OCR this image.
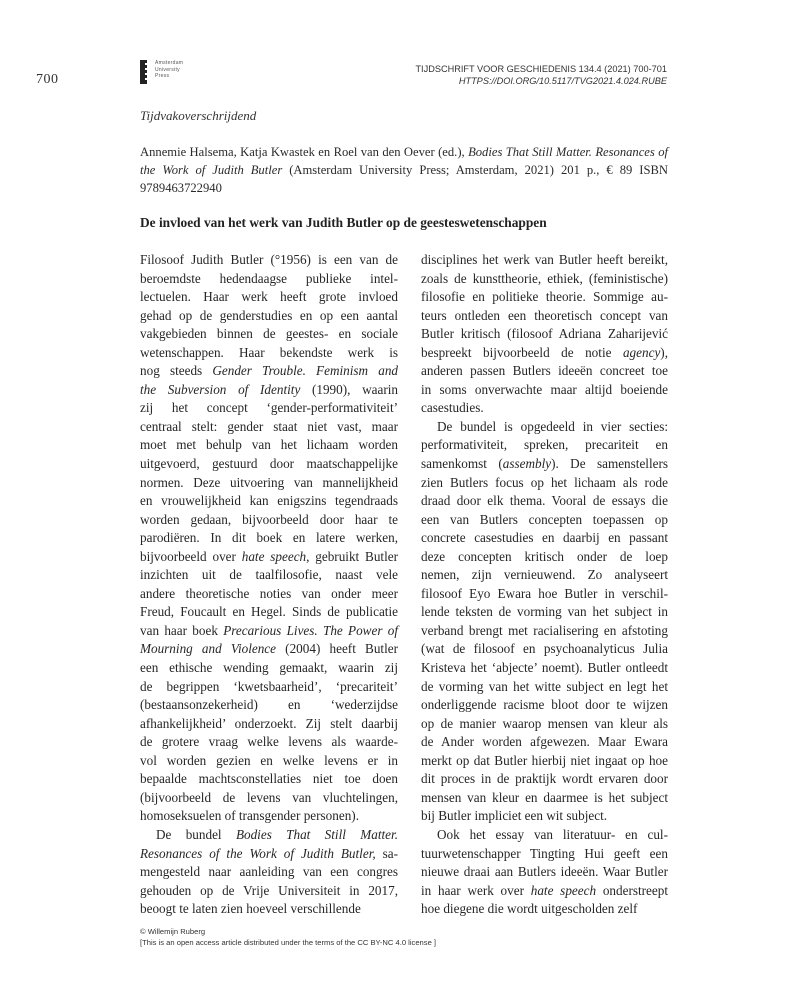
700
Amsterdam
University
Press
TIJDSCHRIFT VOOR GESCHIEDENIS 134.4 (2021) 700-701
HTTPS://DOI.ORG/10.5117/TVG2021.4.024.RUBE
Tijdvakoverschrijdend
Annemie Halsema, Katja Kwastek en Roel van den Oever (ed.), Bodies That Still Matter. Resonances of the Work of Judith Butler (Amsterdam University Press; Amsterdam, 2021) 201 p., € 89 ISBN 9789463722940
De invloed van het werk van Judith Butler op de geesteswetenschappen
Filosoof Judith Butler (°1956) is een van de
beroemdste hedendaagse publieke intel-
lectuelen. Haar werk heeft grote invloed
gehad op de genderstudies en op een aantal
vakgebieden binnen de geestes- en sociale
wetenschappen. Haar bekendste werk is
nog steeds Gender Trouble. Feminism and
the Subversion of Identity (1990), waarin
zij het concept ‘gender-performativiteit’
centraal stelt: gender staat niet vast, maar
moet met behulp van het lichaam worden
uitgevoerd, gestuurd door maatschappelijke
normen. Deze uitvoering van mannelijkheid
en vrouwelijkheid kan enigszins tegendraads
worden gedaan, bijvoorbeeld door haar te
parodiëren. In dit boek en latere werken,
bijvoorbeeld over hate speech, gebruikt Butler
inzichten uit de taalfilosofie, naast vele
andere theoretische noties van onder meer
Freud, Foucault en Hegel. Sinds de publicatie
van haar boek Precarious Lives. The Power of
Mourning and Violence (2004) heeft Butler
een ethische wending gemaakt, waarin zij
de begrippen ‘kwetsbaarheid’, ‘precariteit’
(bestaansonzekerheid) en ‘wederzijdse
afhankelijkheid’ onderzoekt. Zij stelt daarbij
de grotere vraag welke levens als waarde-
vol worden gezien en welke levens er in
bepaalde machtsconstellaties niet toe doen
(bijvoorbeeld de levens van vluchtelingen,
homoseksuelen of transgender personen).
De bundel Bodies That Still Matter.
Resonances of the Work of Judith Butler, sa-
mengesteld naar aanleiding van een congres
gehouden op de Vrije Universiteit in 2017,
beoogt te laten zien hoeveel verschillende
disciplines het werk van Butler heeft bereikt,
zoals de kunsttheorie, ethiek, (feministische)
filosofie en politieke theorie. Sommige au-
teurs ontleden een theoretisch concept van
Butler kritisch (filosoof Adriana Zaharijević
bespreekt bijvoorbeeld de notie agency),
anderen passen Butlers ideeën concreet toe
in soms onverwachte maar altijd boeiende
casestudies.
De bundel is opgedeeld in vier secties:
performativiteit, spreken, precariteit en
samenkomst (assembly). De samenstellers
zien Butlers focus op het lichaam als rode
draad door elk thema. Vooral de essays die
een van Butlers concepten toepassen op
concrete casestudies en daarbij en passant
deze concepten kritisch onder de loep
nemen, zijn vernieuwend. Zo analyseert
filosoof Eyo Ewara hoe Butler in verschil-
lende teksten de vorming van het subject in
verband brengt met racialisering en afstoting
(wat de filosoof en psychoanalyticus Julia
Kristeva het ‘abjecte’ noemt). Butler ontleedt
de vorming van het witte subject en legt het
onderliggende racisme bloot door te wijzen
op de manier waarop mensen van kleur als
de Ander worden afgewezen. Maar Ewara
merkt op dat Butler hierbij niet ingaat op hoe
dit proces in de praktijk wordt ervaren door
mensen van kleur en daarmee is het subject
bij Butler impliciet een wit subject.
Ook het essay van literatuur- en cul-
tuurwetenschapper Tingting Hui geeft een
nieuwe draai aan Butlers ideeën. Waar Butler
in haar werk over hate speech onderstreept
hoe diegene die wordt uitgescholden zelf
© Willemijn Ruberg
[This is an open access article distributed under the terms of the CC BY-NC 4.0 license ]
